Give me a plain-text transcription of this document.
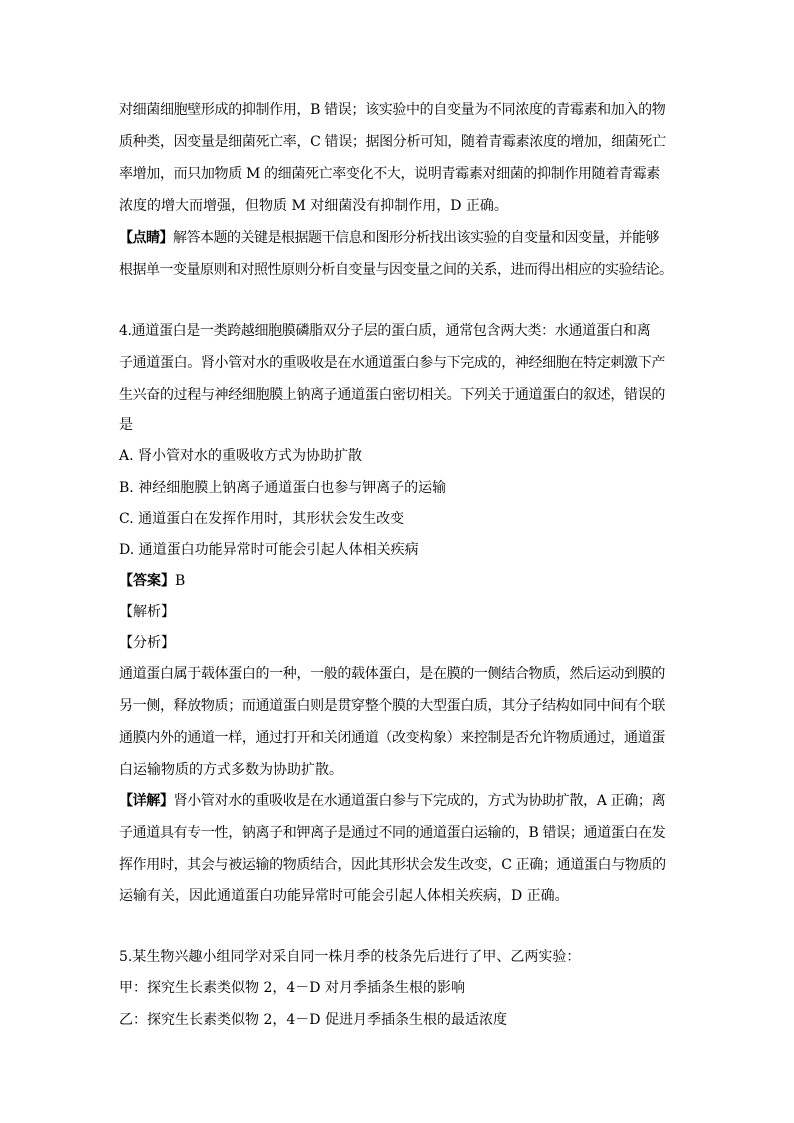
对细菌细胞壁形成的抑制作用，B 错误；该实验中的自变量为不同浓度的青霉素和加入的物
质种类，因变量是细菌死亡率，C 错误；据图分析可知，随着青霉素浓度的增加，细菌死亡
率增加，而只加物质 M 的细菌死亡率变化不大，说明青霉素对细菌的抑制作用随着青霉素
浓度的增大而增强，但物质 M 对细菌没有抑制作用，D 正确。
【点睛】解答本题的关键是根据题干信息和图形分析找出该实验的自变量和因变量，并能够
根据单一变量原则和对照性原则分析自变量与因变量之间的关系，进而得出相应的实验结论。
4.通道蛋白是一类跨越细胞膜磷脂双分子层的蛋白质，通常包含两大类：水通道蛋白和离
子通道蛋白。肾小管对水的重吸收是在水通道蛋白参与下完成的，神经细胞在特定刺激下产
生兴奋的过程与神经细胞膜上钠离子通道蛋白密切相关。下列关于通道蛋白的叙述，错误的
是
A. 肾小管对水的重吸收方式为协助扩散
B. 神经细胞膜上钠离子通道蛋白也参与钾离子的运输
C. 通道蛋白在发挥作用时，其形状会发生改变
D. 通道蛋白功能异常时可能会引起人体相关疾病
【答案】B
【解析】
【分析】
通道蛋白属于载体蛋白的一种，一般的载体蛋白，是在膜的一侧结合物质，然后运动到膜的
另一侧，释放物质；而通道蛋白则是贯穿整个膜的大型蛋白质，其分子结构如同中间有个联
通膜内外的通道一样，通过打开和关闭通道（改变构象）来控制是否允许物质通过，通道蛋
白运输物质的方式多数为协助扩散。
【详解】肾小管对水的重吸收是在水通道蛋白参与下完成的，方式为协助扩散，A 正确；离
子通道具有专一性，钠离子和钾离子是通过不同的通道蛋白运输的，B 错误；通道蛋白在发
挥作用时，其会与被运输的物质结合，因此其形状会发生改变，C 正确；通道蛋白与物质的
运输有关，因此通道蛋白功能异常时可能会引起人体相关疾病，D 正确。
5.某生物兴趣小组同学对采自同一株月季的枝条先后进行了甲、乙两实验：
甲：探究生长素类似物 2，4－D 对月季插条生根的影响
乙：探究生长素类似物 2，4－D 促进月季插条生根的最适浓度
